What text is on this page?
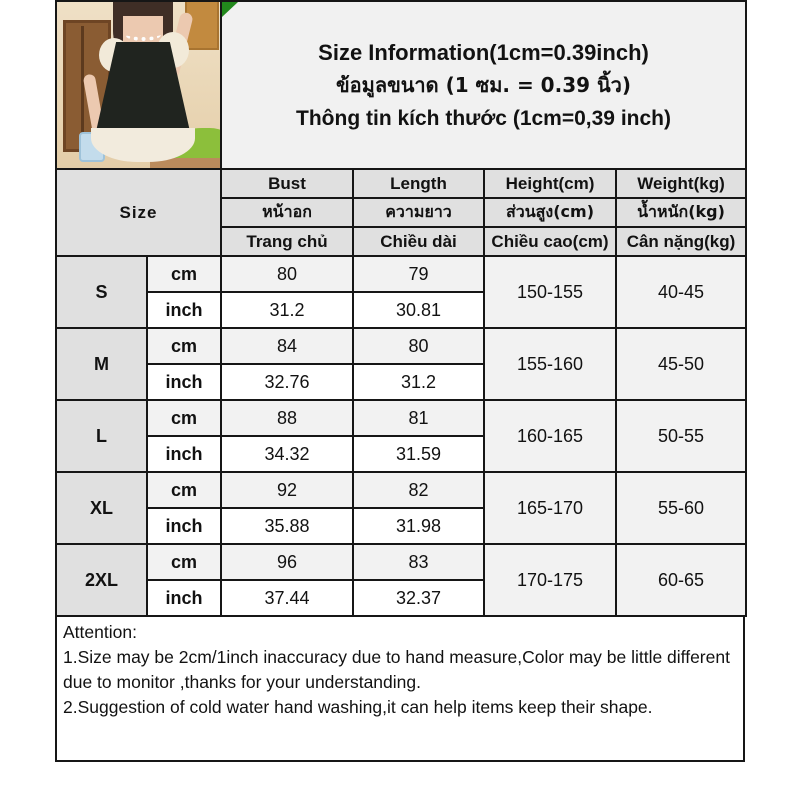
		Size Information(1cm=0.39inch)
ข้อมูลขนาด (1 ซม. = 0.39 นิ้ว)
Thông tin kích thước (1cm=0,39 inch)			

Size		Bust	Length	Height(cm)	Weight(kg)
		หน้าอก	ความยาว	ส่วนสูง(cm)	น้ำหนัก(kg)
		Trang chủ	Chiều dài	Chiều cao(cm)	Cân nặng(kg)
S	cm	80	79	150-155	40-45
	inch	31.2	30.81		
M	cm	84	80	155-160	45-50
	inch	32.76	31.2		
L	cm	88	81	160-165	50-55
	inch	34.32	31.59		
XL	cm	92	82	165-170	55-60
	inch	35.88	31.98		
2XL	cm	96	83	170-175	60-65
	inch	37.44	32.37		
Attention:
1.Size may be 2cm/1inch inaccuracy due to hand measure,Color may be little different due to monitor ,thanks for your understanding.
2.Suggestion of cold water hand washing,it can help items keep their shape.
